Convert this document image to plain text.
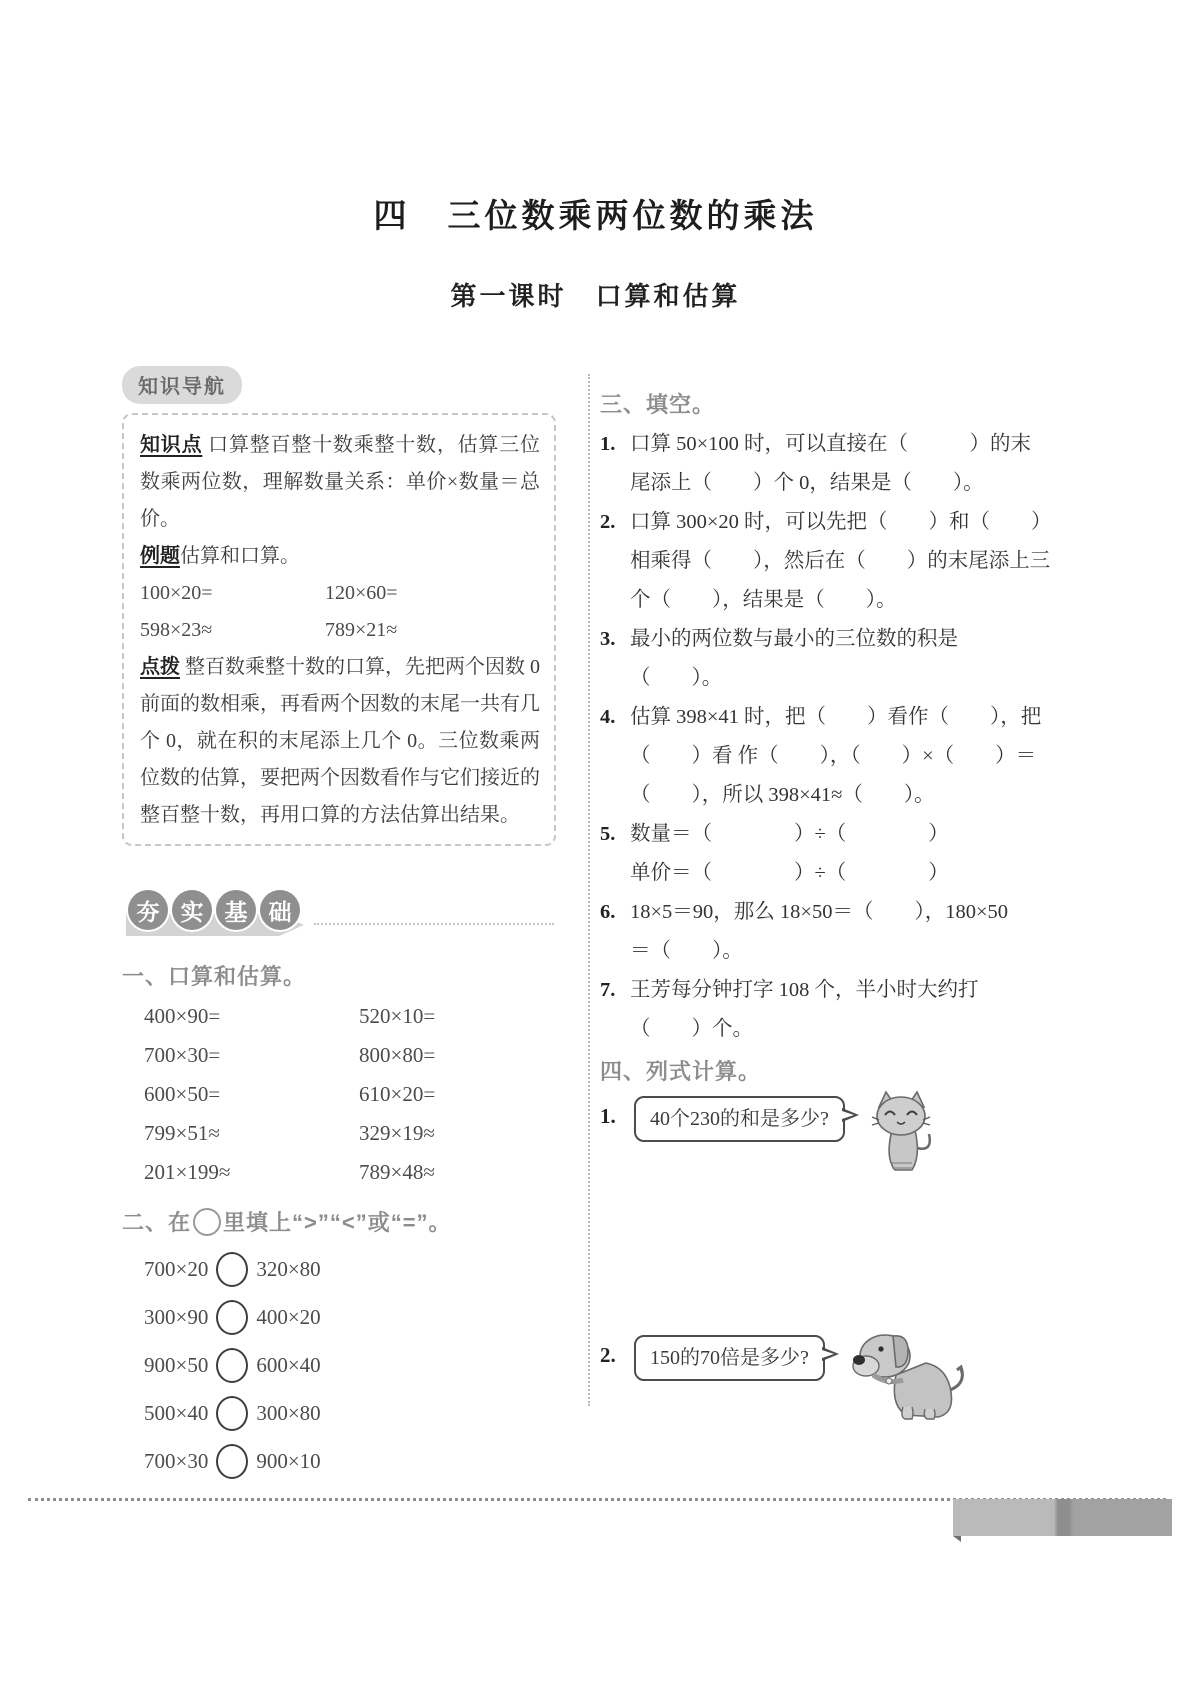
四　三位数乘两位数的乘法
第一课时　口算和估算
知识导航
知识点 口算整百整十数乘整十数，估算三位数乘两位数，理解数量关系：单价×数量＝总价。
例题估算和口算。
100×20=	120×60=
598×23≈	789×21≈
点拨 整百数乘整十数的口算，先把两个因数 0 前面的数相乘，再看两个因数的末尾一共有几个 0，就在积的末尾添上几个 0。三位数乘两位数的估算，要把两个因数看作与它们接近的整百整十数，再用口算的方法估算出结果。
夯 实 基 础
一、口算和估算。
400×90=	520×10=
700×30=	800×80=
600×50=	610×20=
799×51≈	329×19≈
201×199≈	789×48≈
二、在 里填上“>”“<”或“=”。
700×20 320×80
300×90 400×20
900×50 600×40
500×40 300×80
700×30 900×10
三、填空。
1. 口算 50×100 时，可以直接在（　　　）的末
尾添上（　　）个 0，结果是（　　）。
2. 口算 300×20 时，可以先把（　　）和（　　）
相乘得（　　），然后在（　　）的末尾添上三
个（　　），结果是（　　）。
3. 最小的两位数与最小的三位数的积是
（　　）。
4. 估算 398×41 时，把（　　）看作（　　），把
（　　）看 作（　　），（　　）×（　　）＝
（　　），所以 398×41≈（　　）。
5. 数量＝（　　　　）÷（　　　　）
单价＝（　　　　）÷（　　　　）
6. 18×5＝90，那么 18×50＝（　　），180×50
＝（　　）。
7. 王芳每分钟打字 108 个，半小时大约打
（　　）个。
四、列式计算。
1.	40个230的和是多少?
2.	150的70倍是多少?
